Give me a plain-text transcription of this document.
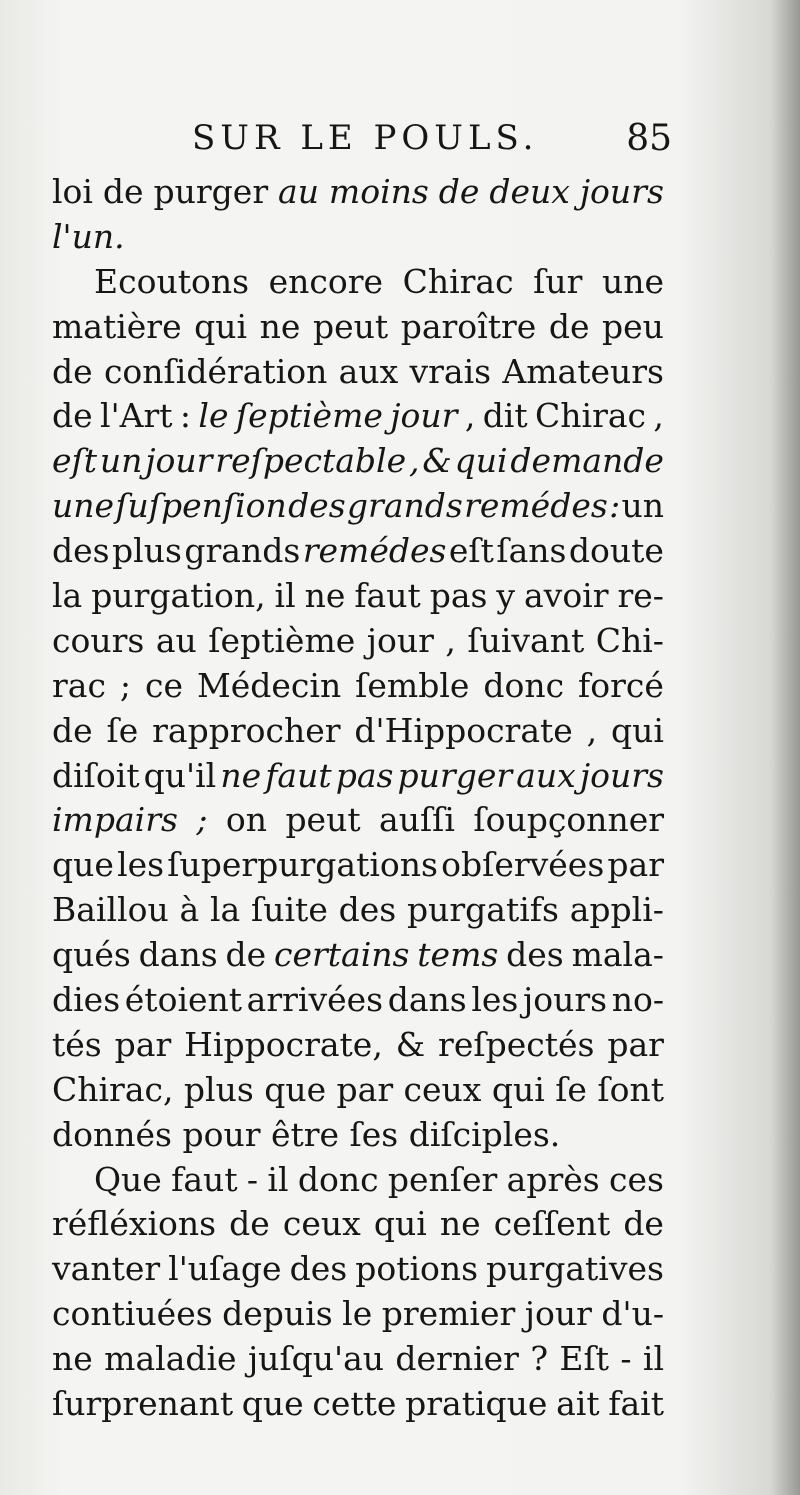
SUR LE POULS. 85
loi de purger au moins de deux jours
l'un.
Ecoutons encore Chirac ſur une
matière qui ne peut paroître de peu
de conſidération aux vrais Amateurs
de l'Art : le ſeptième jour , dit Chirac ,
eſt un jour reſpectable , & qui demande
une ſuſpenſion des grands remédes : un
des plus grands remédes eſt ſans doute
la purgation, il ne faut pas y avoir re-
cours au ſeptième jour , ſuivant Chi-
rac ; ce Médecin ſemble donc forcé
de ſe rapprocher d'Hippocrate , qui
diſoit qu'il ne faut pas purger aux jours
impairs ; on peut auſſi ſoupçonner
que les ſuperpurgations obſervées par
Baillou à la ſuite des purgatifs appli-
qués dans de certains tems des mala-
dies étoient arrivées dans les jours no-
tés par Hippocrate, & reſpectés par
Chirac, plus que par ceux qui ſe ſont
donnés pour être ſes diſciples.
Que faut - il donc penſer après ces
réfléxions de ceux qui ne ceſſent de
vanter l'uſage des potions purgatives
contiuées depuis le premier jour d'u-
ne maladie juſqu'au dernier ? Eſt - il
ſurprenant que cette pratique ait fait
